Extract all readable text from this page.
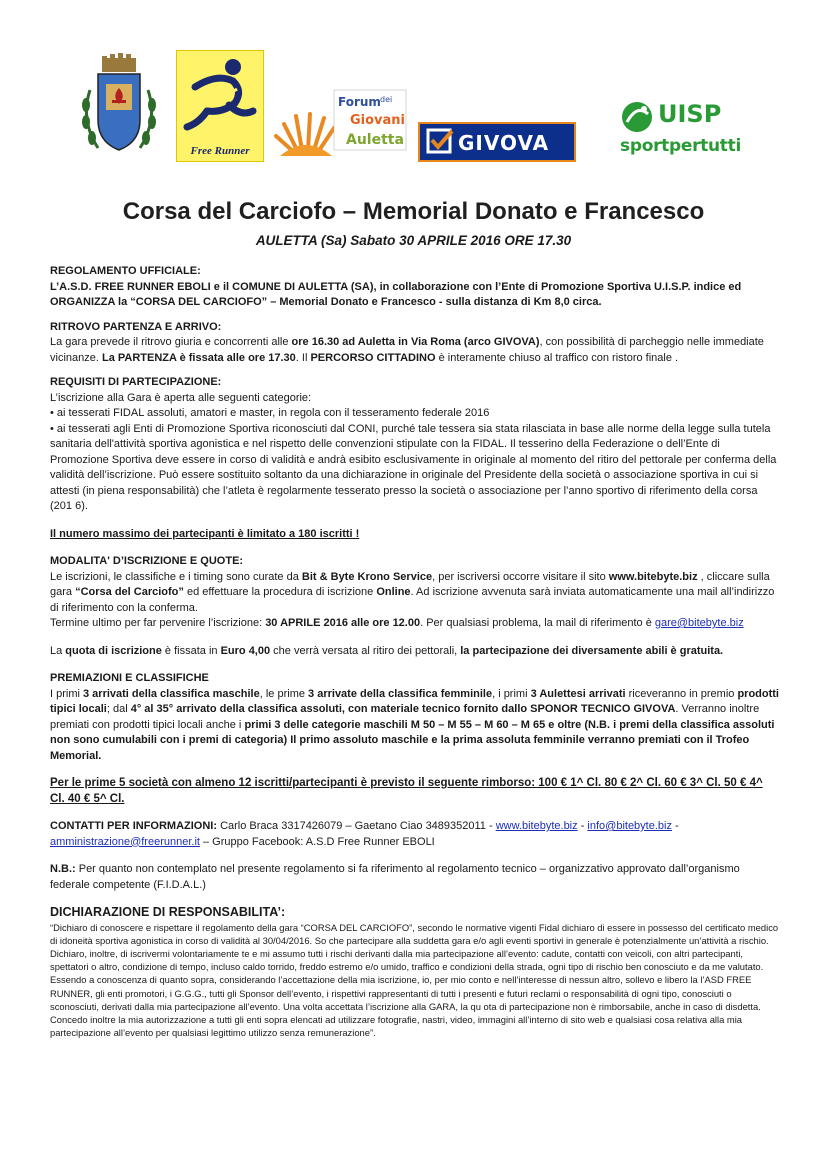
Free Runner
Forum dei
Giovani
Auletta	GIVOVA
UISP
sportpertutti
Corsa del Carciofo – Memorial Donato e Francesco
AULETTA (Sa) Sabato 30 APRILE 2016 ORE 17.30

REGOLAMENTO UFFICIALE:

L’A.S.D. FREE RUNNER EBOLI e il COMUNE DI AULETTA (SA), in collaborazione con l’Ente di Promozione Sportiva U.I.S.P. indice ed

ORGANIZZA la “CORSA DEL CARCIOFO” – Memorial Donato e Francesco - sulla distanza di Km 8,0 circa.

RITROVO PARTENZA E ARRIVO:

La gara prevede il ritrovo giuria e concorrenti alle ore 16.30 ad Auletta in Via Roma (arco GIVOVA), con possibilità di parcheggio nelle immediate vicinanze. La PARTENZA è fissata alle ore 17.30. Il PERCORSO CITTADINO è interamente chiuso al traffico con ristoro finale .

REQUISITI DI PARTECIPAZIONE:

L’iscrizione alla Gara è aperta alle seguenti categorie:

• ai tesserati FIDAL assoluti, amatori e master, in regola con il tesseramento federale 2016

• ai tesserati agli Enti di Promozione Sportiva riconosciuti dal CONI, purché tale tessera sia stata rilasciata in base alle norme della legge sulla tutela sanitaria dell'attività sportiva agonistica e nel rispetto delle convenzioni stipulate con la FIDAL. Il tesserino della Federazione o dell’Ente di Promozione Sportiva deve essere in corso di validità e andrà esibito esclusivamente in originale al momento del ritiro del pettorale per conferma della validità dell’iscrizione. Può essere sostituito soltanto da una dichiarazione in originale del Presidente della società o associazione sportiva in cui si attesti (in piena responsabilità) che l’atleta è regolarmente tesserato presso la società o associazione per l’anno sportivo di riferimento della corsa (201 6).

Il numero massimo dei partecipanti è limitato a 180 iscritti !

MODALITA' D’ISCRIZIONE E QUOTE:

Le iscrizioni, le classifiche e i timing sono curate da Bit & Byte Krono Service, per iscriversi occorre visitare il sito www.bitebyte.biz , cliccare sulla gara “Corsa del Carciofo” ed effettuare la procedura di iscrizione Online. Ad iscrizione avvenuta sarà inviata automaticamente una mail all’indirizzo di riferimento con la conferma.

Termine ultimo per far pervenire l’iscrizione: 30 APRILE 2016 alle ore 12.00. Per qualsiasi problema, la mail di riferimento è gare@bitebyte.biz

La quota di iscrizione è fissata in Euro 4,00 che verrà versata al ritiro dei pettorali, la partecipazione dei diversamente abili è gratuita.

PREMIAZIONI E CLASSIFICHE

I primi 3 arrivati della classifica maschile, le prime 3 arrivate della classifica femminile, i primi 3 Aulettesi arrivati riceveranno in premio prodotti tipici locali; dal 4° al 35° arrivato della classifica assoluti, con materiale tecnico fornito dallo SPONOR TECNICO GIVOVA. Verranno inoltre premiati con prodotti tipici locali anche i primi 3 delle categorie maschili M 50 – M 55 – M 60 – M 65 e oltre (N.B. i premi della classifica assoluti non sono cumulabili con i premi di categoria) Il primo assoluto maschile e la prima assoluta femminile verranno premiati con il Trofeo Memorial.

Per le prime 5 società con almeno 12 iscritti/partecipanti è previsto il seguente rimborso: 100 € 1^ Cl. 80 € 2^ Cl. 60 € 3^ Cl. 50 € 4^ Cl. 40 € 5^ Cl.

CONTATTI PER INFORMAZIONI: Carlo Braca 3317426079 – Gaetano Ciao 3489352011 - www.bitebyte.biz - info@bitebyte.biz -
amministrazione@freerunner.it – Gruppo Facebook: A.S.D Free Runner EBOLI

N.B.: Per quanto non contemplato nel presente regolamento si fa riferimento al regolamento tecnico – organizzativo approvato dall’organismo federale competente (F.I.D.A.L.)

DICHIARAZIONE DI RESPONSABILITA’:

“Dichiaro di conoscere e rispettare il regolamento della gara “CORSA DEL CARCIOFO”, secondo le normative vigenti Fidal dichiaro di essere in possesso del certificato medico di idoneità sportiva agonistica in corso di validità al 30/04/2016. So che partecipare alla suddetta gara e/o agli eventi sportivi in generale è potenzialmente un’attività a rischio. Dichiaro, inoltre, di iscrivermi volontariamente te e mi assumo tutti i rischi derivanti dalla mia partecipazione all’evento: cadute, contatti con veicoli, con altri partecipanti, spettatori o altro, condizione di tempo, incluso caldo torrido, freddo estremo e/o umido, traffico e condizioni della strada, ogni tipo di rischio ben conosciuto e da me valutato. Essendo a conoscenza di quanto sopra, considerando l’accettazione della mia iscrizione, io, per mio conto e nell’interesse di nessun altro, sollevo e libero la l’ASD FREE RUNNER, gli enti promotori, i G.G.G., tutti gli Sponsor dell’evento, i rispettivi rappresentanti di tutti i presenti e futuri reclami o responsabilità di ogni tipo, conosciuti o sconosciuti, derivati dalla mia partecipazione all’evento. Una volta accettata l’iscrizione alla GARA, la qu ota di partecipazione non è rimborsabile, anche in caso di disdetta. Concedo inoltre la mia autorizzazione a tutti gli enti sopra elencati ad utilizzare fotografie, nastri, video, immagini all’interno di sito web e qualsiasi cosa relativa alla mia partecipazione all’evento per qualsiasi legittimo utilizzo senza remunerazione”.
